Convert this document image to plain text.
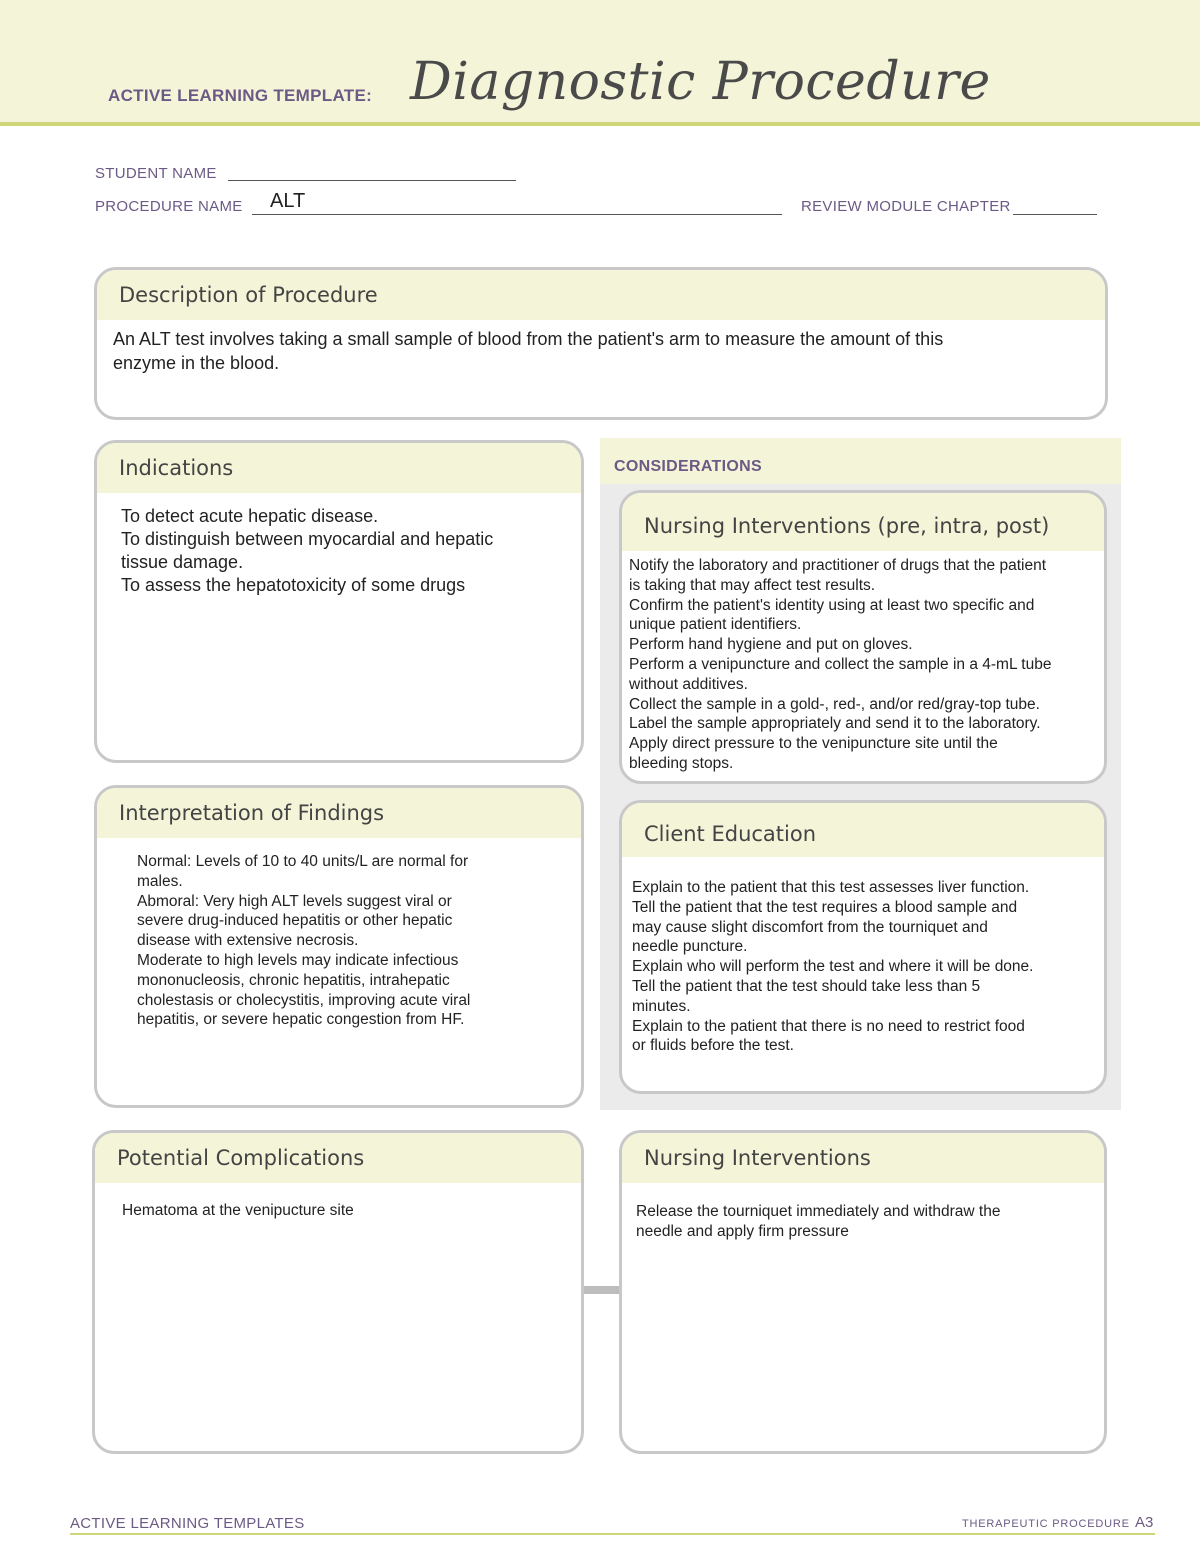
ACTIVE LEARNING TEMPLATE: Diagnostic Procedure
STUDENT NAME
PROCEDURE NAME ALT	REVIEW MODULE CHAPTER
Description of Procedure
An ALT test involves taking a small sample of blood from the patient's arm to measure the amount of this
enzyme in the blood.
Indications
To detect acute hepatic disease.
To distinguish between myocardial and hepatic
tissue damage.
To assess the hepatotoxicity of some drugs
CONSIDERATIONS
Nursing Interventions (pre, intra, post)
Notify the laboratory and practitioner of drugs that the patient
is taking that may affect test results.
Confirm the patient's identity using at least two specific and
unique patient identifiers.
Perform hand hygiene and put on gloves.
Perform a venipuncture and collect the sample in a 4-mL tube
without additives.
Collect the sample in a gold-, red-, and/or red/gray-top tube.
Label the sample appropriately and send it to the laboratory.
Apply direct pressure to the venipuncture site until the
bleeding stops.
Interpretation of Findings
Normal: Levels of 10 to 40 units/L are normal for
males.
Abmoral: Very high ALT levels suggest viral or
severe drug-induced hepatitis or other hepatic
disease with extensive necrosis.
Moderate to high levels may indicate infectious
mononucleosis, chronic hepatitis, intrahepatic
cholestasis or cholecystitis, improving acute viral
hepatitis, or severe hepatic congestion from HF.
Client Education
Explain to the patient that this test assesses liver function.
Tell the patient that the test requires a blood sample and
may cause slight discomfort from the tourniquet and
needle puncture.
Explain who will perform the test and where it will be done.
Tell the patient that the test should take less than 5
minutes.
Explain to the patient that there is no need to restrict food
or fluids before the test.
Potential Complications
Hematoma at the venipucture site
Nursing Interventions
Release the tourniquet immediately and withdraw the
needle and apply firm pressure
ACTIVE LEARNING TEMPLATES	THERAPEUTIC PROCEDURE A3
